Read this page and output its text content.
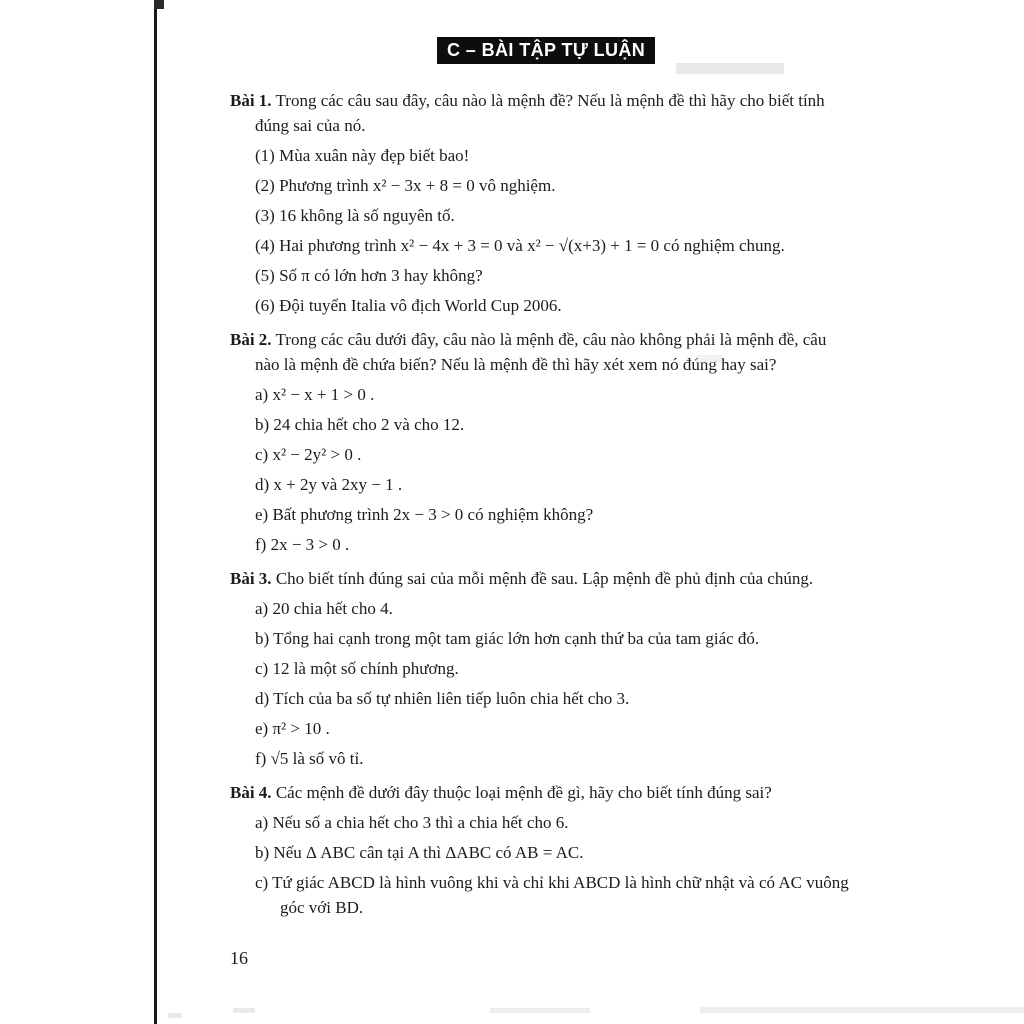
C – BÀI TẬP TỰ LUẬN

Bài 1. Trong các câu sau đây, câu nào là mệnh đề? Nếu là mệnh đề thì hãy cho biết tính đúng sai của nó.

(1) Mùa xuân này đẹp biết bao!

(2) Phương trình x² − 3x + 8 = 0 vô nghiệm.

(3) 16 không là số nguyên tố.

(4) Hai phương trình x² − 4x + 3 = 0 và x² − √(x+3) + 1 = 0 có nghiệm chung.

(5) Số π có lớn hơn 3 hay không?

(6) Đội tuyển Italia vô địch World Cup 2006.

Bài 2. Trong các câu dưới đây, câu nào là mệnh đề, câu nào không phải là mệnh đề, câu nào là mệnh đề chứa biến? Nếu là mệnh đề thì hãy xét xem nó đúng hay sai?

a) x² − x + 1 > 0 .

b) 24 chia hết cho 2 và cho 12.

c) x² − 2y² > 0 .

d) x + 2y và 2xy − 1 .

e) Bất phương trình 2x − 3 > 0 có nghiệm không?

f) 2x − 3 > 0 .

Bài 3. Cho biết tính đúng sai của mỗi mệnh đề sau. Lập mệnh đề phủ định của chúng.

a) 20 chia hết cho 4.

b) Tổng hai cạnh trong một tam giác lớn hơn cạnh thứ ba của tam giác đó.

c) 12 là một số chính phương.

d) Tích của ba số tự nhiên liên tiếp luôn chia hết cho 3.

e) π² > 10 .

f) √5 là số vô tỉ.

Bài 4. Các mệnh đề dưới đây thuộc loại mệnh đề gì, hãy cho biết tính đúng sai?

a) Nếu số a chia hết cho 3 thì a chia hết cho 6.

b) Nếu Δ ABC cân tại A thì ΔABC có AB = AC.

c) Tứ giác ABCD là hình vuông khi và chỉ khi ABCD là hình chữ nhật và có AC vuông góc với BD.

16
